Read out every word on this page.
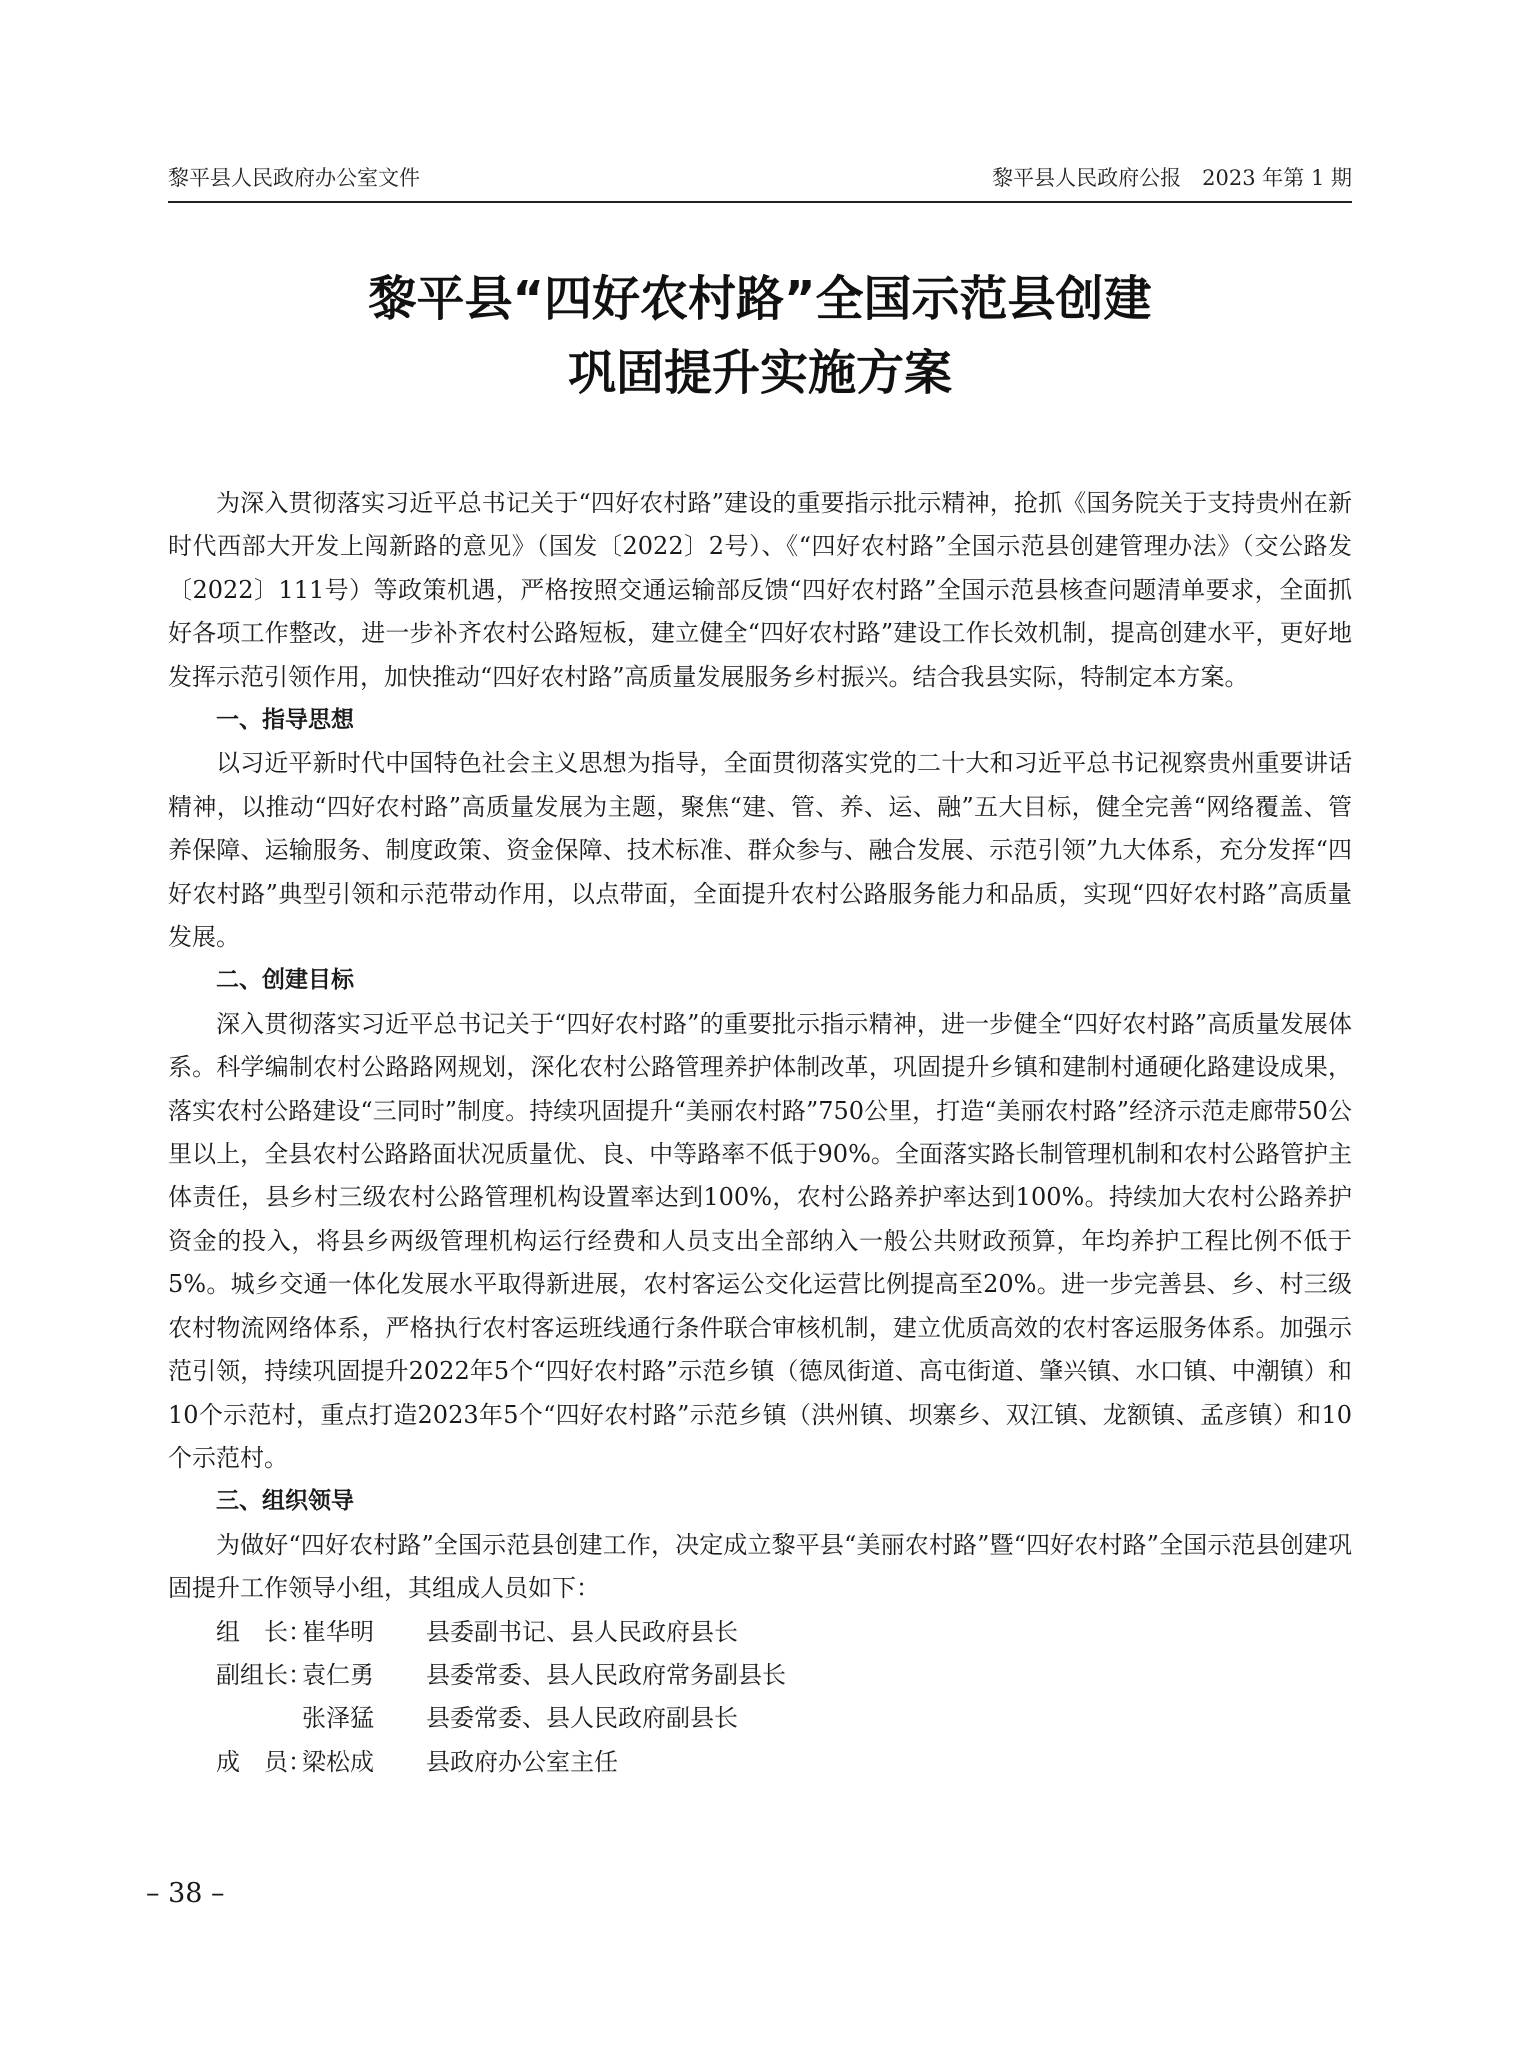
黎平县人民政府办公室文件	黎平县人民政府公报　2023 年第 1 期
黎平县“四好农村路”全国示范县创建
巩固提升实施方案

为深入贯彻落实习近平总书记关于“四好农村路”建设的重要指示批示精神，抢抓《国务院关于支持贵州在新时代西部大开发上闯新路的意见》（国发〔2022〕2号）、《“四好农村路”全国示范县创建管理办法》（交公路发〔2022〕111号）等政策机遇，严格按照交通运输部反馈“四好农村路”全国示范县核查问题清单要求，全面抓好各项工作整改，进一步补齐农村公路短板，建立健全“四好农村路”建设工作长效机制，提高创建水平，更好地发挥示范引领作用，加快推动“四好农村路”高质量发展服务乡村振兴。结合我县实际，特制定本方案。

一、指导思想

以习近平新时代中国特色社会主义思想为指导，全面贯彻落实党的二十大和习近平总书记视察贵州重要讲话精神，以推动“四好农村路”高质量发展为主题，聚焦“建、管、养、运、融”五大目标，健全完善“网络覆盖、管养保障、运输服务、制度政策、资金保障、技术标准、群众参与、融合发展、示范引领”九大体系，充分发挥“四好农村路”典型引领和示范带动作用，以点带面，全面提升农村公路服务能力和品质，实现“四好农村路”高质量发展。

二、创建目标

深入贯彻落实习近平总书记关于“四好农村路”的重要批示指示精神，进一步健全“四好农村路”高质量发展体系。科学编制农村公路路网规划，深化农村公路管理养护体制改革，巩固提升乡镇和建制村通硬化路建设成果，落实农村公路建设“三同时”制度。持续巩固提升“美丽农村路”750公里，打造“美丽农村路”经济示范走廊带50公里以上，全县农村公路路面状况质量优、良、中等路率不低于90%。全面落实路长制管理机制和农村公路管护主体责任，县乡村三级农村公路管理机构设置率达到100%，农村公路养护率达到100%。持续加大农村公路养护资金的投入，将县乡两级管理机构运行经费和人员支出全部纳入一般公共财政预算，年均养护工程比例不低于5%。城乡交通一体化发展水平取得新进展，农村客运公交化运营比例提高至20%。进一步完善县、乡、村三级农村物流网络体系，严格执行农村客运班线通行条件联合审核机制，建立优质高效的农村客运服务体系。加强示范引领，持续巩固提升2022年5个“四好农村路”示范乡镇（德凤街道、高屯街道、肇兴镇、水口镇、中潮镇）和10个示范村，重点打造2023年5个“四好农村路”示范乡镇（洪州镇、坝寨乡、双江镇、龙额镇、孟彦镇）和10个示范村。

三、组织领导

为做好“四好农村路”全国示范县创建工作，决定成立黎平县“美丽农村路”暨“四好农村路”全国示范县创建巩固提升工作领导小组，其组成人员如下：

组　长：
崔华明 县委副书记、县人民政府县长
副组长：
袁仁勇 县委常委、县人民政府常务副县长
张泽猛 县委常委、县人民政府副县长
成　员：
梁松成 县政府办公室主任
– 38 –
